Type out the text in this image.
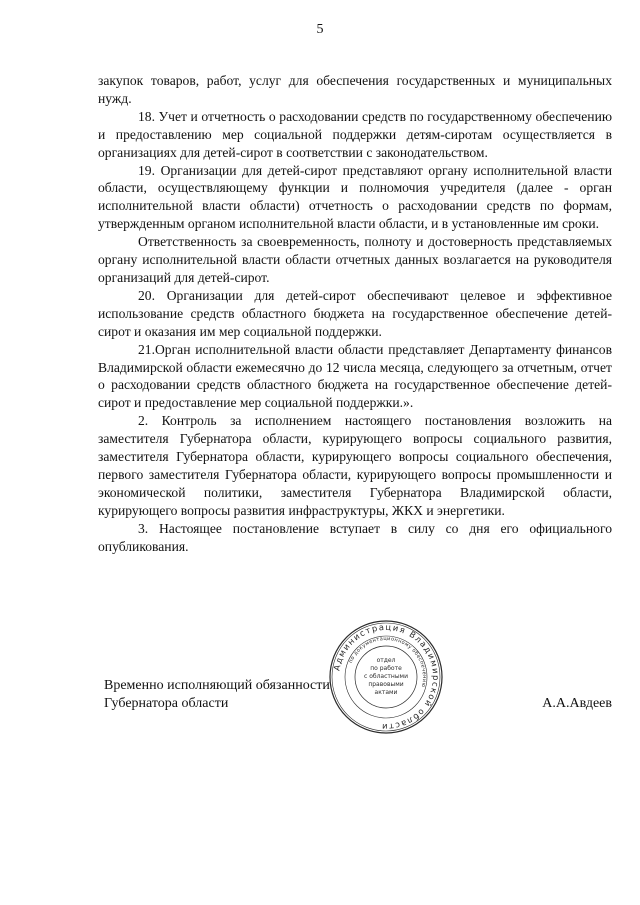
5

закупок товаров, работ, услуг для обеспечения государственных и муниципальных нужд.

18. Учет и отчетность о расходовании средств по государственному обеспечению и предоставлению мер социальной поддержки детям-сиротам осуществляется в организациях для детей-сирот в соответствии с законодательством.

19. Организации для детей-сирот представляют органу исполнительной власти области, осуществляющему функции и полномочия учредителя (далее - орган исполнительной власти области) отчетность о расходовании средств по формам, утвержденным органом исполнительной власти области, и в установленные им сроки.

Ответственность за своевременность, полноту и достоверность представляемых органу исполнительной власти области отчетных данных возлагается на руководителя организаций для детей-сирот.

20. Организации для детей-сирот обеспечивают целевое и эффективное использование средств областного бюджета на государственное обеспечение детей-сирот и оказания им мер социальной поддержки.

21.Орган исполнительной власти области представляет Департаменту финансов Владимирской области ежемесячно до 12 числа месяца, следующего за отчетным, отчет о расходовании средств областного бюджета на государственное обеспечение детей-сирот и предоставление мер социальной поддержки.».

2. Контроль за исполнением настоящего постановления возложить на заместителя Губернатора области, курирующего вопросы социального развития, заместителя Губернатора области, курирующего вопросы социального обеспечения, первого заместителя Губернатора области, курирующего вопросы промышленности и экономической политики, заместителя Губернатора Владимирской области, курирующего вопросы развития инфраструктуры, ЖКХ и энергетики.

3. Настоящее постановление вступает в силу со дня его официального опубликования.

Временно исполняющий обязанности
Губернатора области
Администрация Владимирской области
по документационному обеспечению
отдел
по работе
с областными
правовыми
актами
А.А.Авдеев
